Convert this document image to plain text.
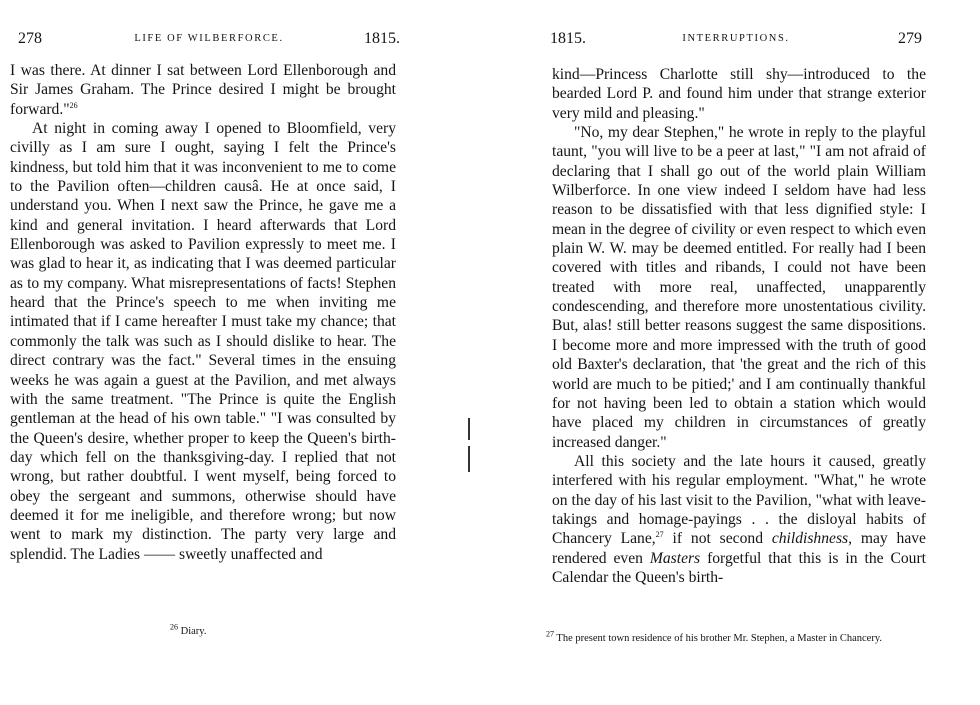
278	LIFE OF WILBERFORCE.	1815.

I was there. At dinner I sat between Lord Ellenborough and Sir James Graham. The Prince desired I might be brought forward."$^{26}$

At night in coming away I opened to Bloomfield, very civilly as I am sure I ought, saying I felt the Prince's kindness, but told him that it was inconvenient to me to come to the Pavilion often—children causâ. He at once said, I understand you. When I next saw the Prince, he gave me a kind and general invitation. I heard afterwards that Lord Ellenborough was asked to Pavilion expressly to meet me. I was glad to hear it, as indicating that I was deemed particular as to my company. What misrepresentations of facts! Stephen heard that the Prince's speech to me when inviting me intimated that if I came hereafter I must take my chance; that commonly the talk was such as I should dislike to hear. The direct contrary was the fact." Several times in the ensuing weeks he was again a guest at the Pavilion, and met always with the same treatment. "The Prince is quite the English gentleman at the head of his own table." "I was consulted by the Queen's desire, whether proper to keep the Queen's birth-day which fell on the thanksgiving-day. I replied that not wrong, but rather doubtful. I went myself, being forced to obey the sergeant and summons, otherwise should have deemed it for me ineligible, and therefore wrong; but now went to mark my distinction. The party very large and splendid. The Ladies —— sweetly unaffected and

$^{26}$ Diary.
1815.	INTERRUPTIONS.	279

kind—Princess Charlotte still shy—introduced to the bearded Lord P. and found him under that strange exterior very mild and pleasing."

"No, my dear Stephen," he wrote in reply to the playful taunt, "you will live to be a peer at last," "I am not afraid of declaring that I shall go out of the world plain William Wilberforce. In one view indeed I seldom have had less reason to be dissatisfied with that less dignified style: I mean in the degree of civility or even respect to which even plain W. W. may be deemed entitled. For really had I been covered with titles and ribands, I could not have been treated with more real, unaffected, unapparently condescending, and therefore more unostentatious civility. But, alas! still better reasons suggest the same dispositions. I become more and more impressed with the truth of good old Baxter's declaration, that 'the great and the rich of this world are much to be pitied;' and I am continually thankful for not having been led to obtain a station which would have placed my children in circumstances of greatly increased danger."

All this society and the late hours it caused, greatly interfered with his regular employment. "What," he wrote on the day of his last visit to the Pavilion, "what with leave-takings and homage-payings . . the disloyal habits of Chancery Lane,$^{27}$ if not second childishness, may have rendered even Masters forgetful that this is in the Court Calendar the Queen's birth-

$^{27}$ The present town residence of his brother Mr. Stephen, a Master in Chancery.
